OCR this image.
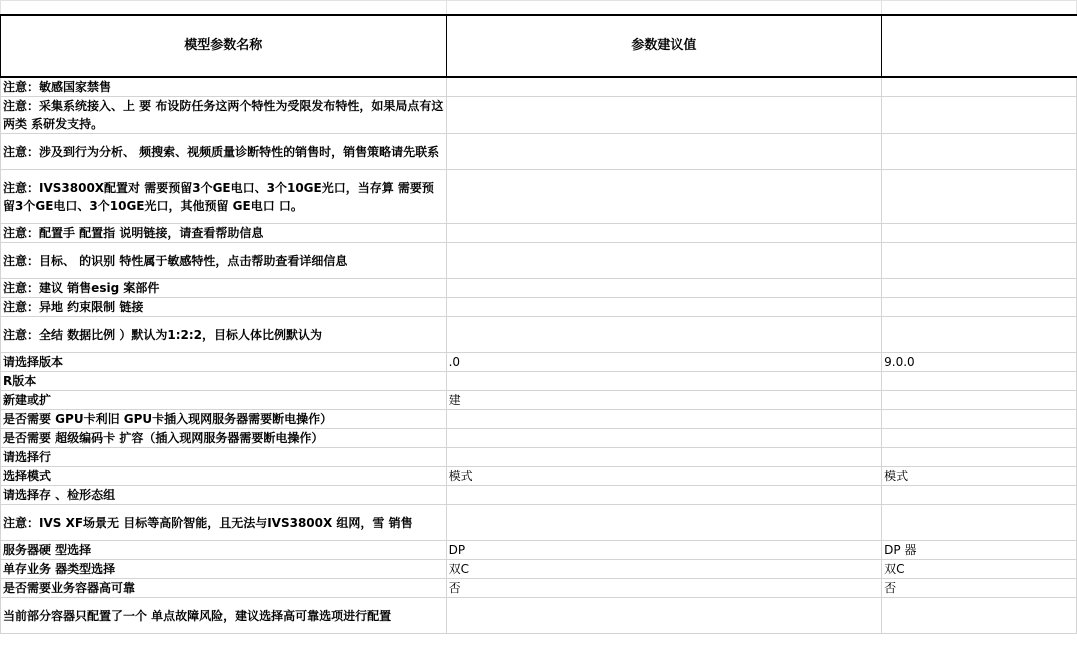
模型参数名称	参数建议值	
注意：敏感国家禁售		
注意：采集系统接入、上 要 布设防任务这两个特性为受限发布特性，如果局点有这两类 系研发支持。		
注意：涉及到行为分析、 频搜索、视频质量诊断特性的销售时，销售策略请先联系		
注意：IVS3800X配置对 需要预留3个GE电口、3个10GE光口，当存算 需要预留3个GE电口、3个10GE光口，其他预留 GE电口 口。		
注意：配置手 配置指 说明链接，请查看帮助信息		
注意：目标、 的识别 特性属于敏感特性，点击帮助查看详细信息		
注意：建议 销售esig 案部件		
注意：异地 约束限制 链接		
注意：全结 数据比例 ）默认为1:2:2，目标人体比例默认为		
请选择版本	.0	9.0.0
R版本		
新建或扩	建	
是否需要 GPU卡利旧 GPU卡插入现网服务器需要断电操作）		
是否需要 超级编码卡 扩容（插入现网服务器需要断电操作）		
请选择行		
选择模式	模式	模式
请选择存 、检形态组		
注意：IVS XF场景无 目标等高阶智能，且无法与IVS3800X 组网，雪 销售		
服务器硬 型选择	DP	DP 器
单存业务 器类型选择	双C	双C
是否需要业务容器高可靠	否	否
当前部分容器只配置了一个 单点故障风险，建议选择高可靠选项进行配置		
